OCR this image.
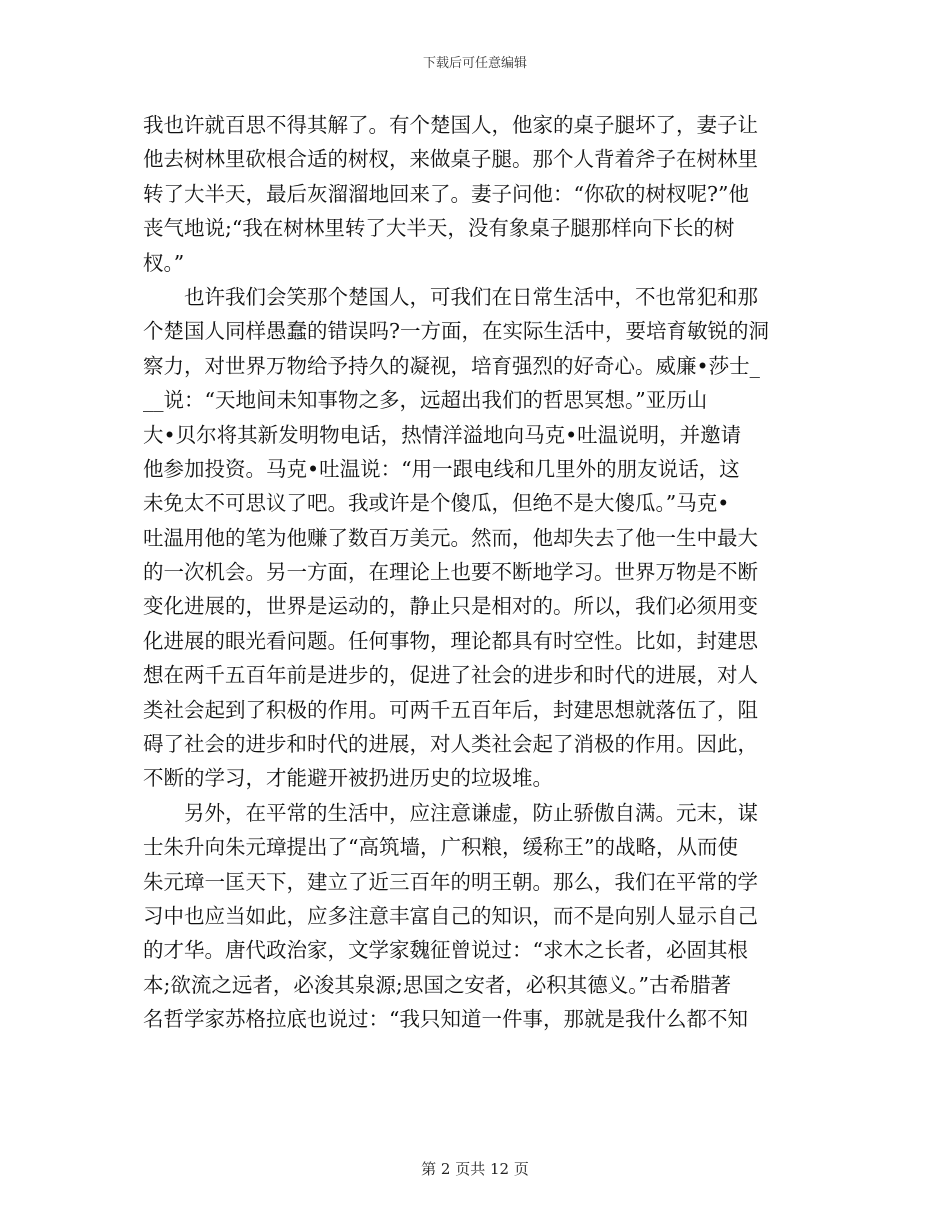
下载后可任意编辑
我也许就百思不得其解了。有个楚国人，他家的桌子腿坏了，妻子让
他去树林里砍根合适的树杈，来做桌子腿。那个人背着斧子在树林里
转了大半天，最后灰溜溜地回来了。妻子问他：“你砍的树杈呢?”他
丧气地说;“我在树林里转了大半天，没有象桌子腿那样向下长的树
杈。”
　　也许我们会笑那个楚国人，可我们在日常生活中，不也常犯和那
个楚国人同样愚蠢的错误吗?一方面，在实际生活中，要培育敏锐的洞
察力，对世界万物给予持久的凝视，培育强烈的好奇心。威廉•莎士_
__说：“天地间未知事物之多，远超出我们的哲思冥想。”亚历山
大•贝尔将其新发明物电话，热情洋溢地向马克•吐温说明，并邀请
他参加投资。马克•吐温说：“用一跟电线和几里外的朋友说话，这
未免太不可思议了吧。我或许是个傻瓜，但绝不是大傻瓜。”马克•
吐温用他的笔为他赚了数百万美元。然而，他却失去了他一生中最大
的一次机会。另一方面，在理论上也要不断地学习。世界万物是不断
变化进展的，世界是运动的，静止只是相对的。所以，我们必须用变
化进展的眼光看问题。任何事物，理论都具有时空性。比如，封建思
想在两千五百年前是进步的，促进了社会的进步和时代的进展，对人
类社会起到了积极的作用。可两千五百年后，封建思想就落伍了，阻
碍了社会的进步和时代的进展，对人类社会起了消极的作用。因此，
不断的学习，才能避开被扔进历史的垃圾堆。
　　另外，在平常的生活中，应注意谦虚，防止骄傲自满。元末，谋
士朱升向朱元璋提出了“高筑墙，广积粮，缓称王”的战略，从而使
朱元璋一匡天下，建立了近三百年的明王朝。那么，我们在平常的学
习中也应当如此，应多注意丰富自己的知识，而不是向别人显示自己
的才华。唐代政治家，文学家魏征曾说过：“求木之长者，必固其根
本;欲流之远者，必浚其泉源;思国之安者，必积其德义。”古希腊著
名哲学家苏格拉底也说过：“我只知道一件事，那就是我什么都不知
第 2 页共 12 页
